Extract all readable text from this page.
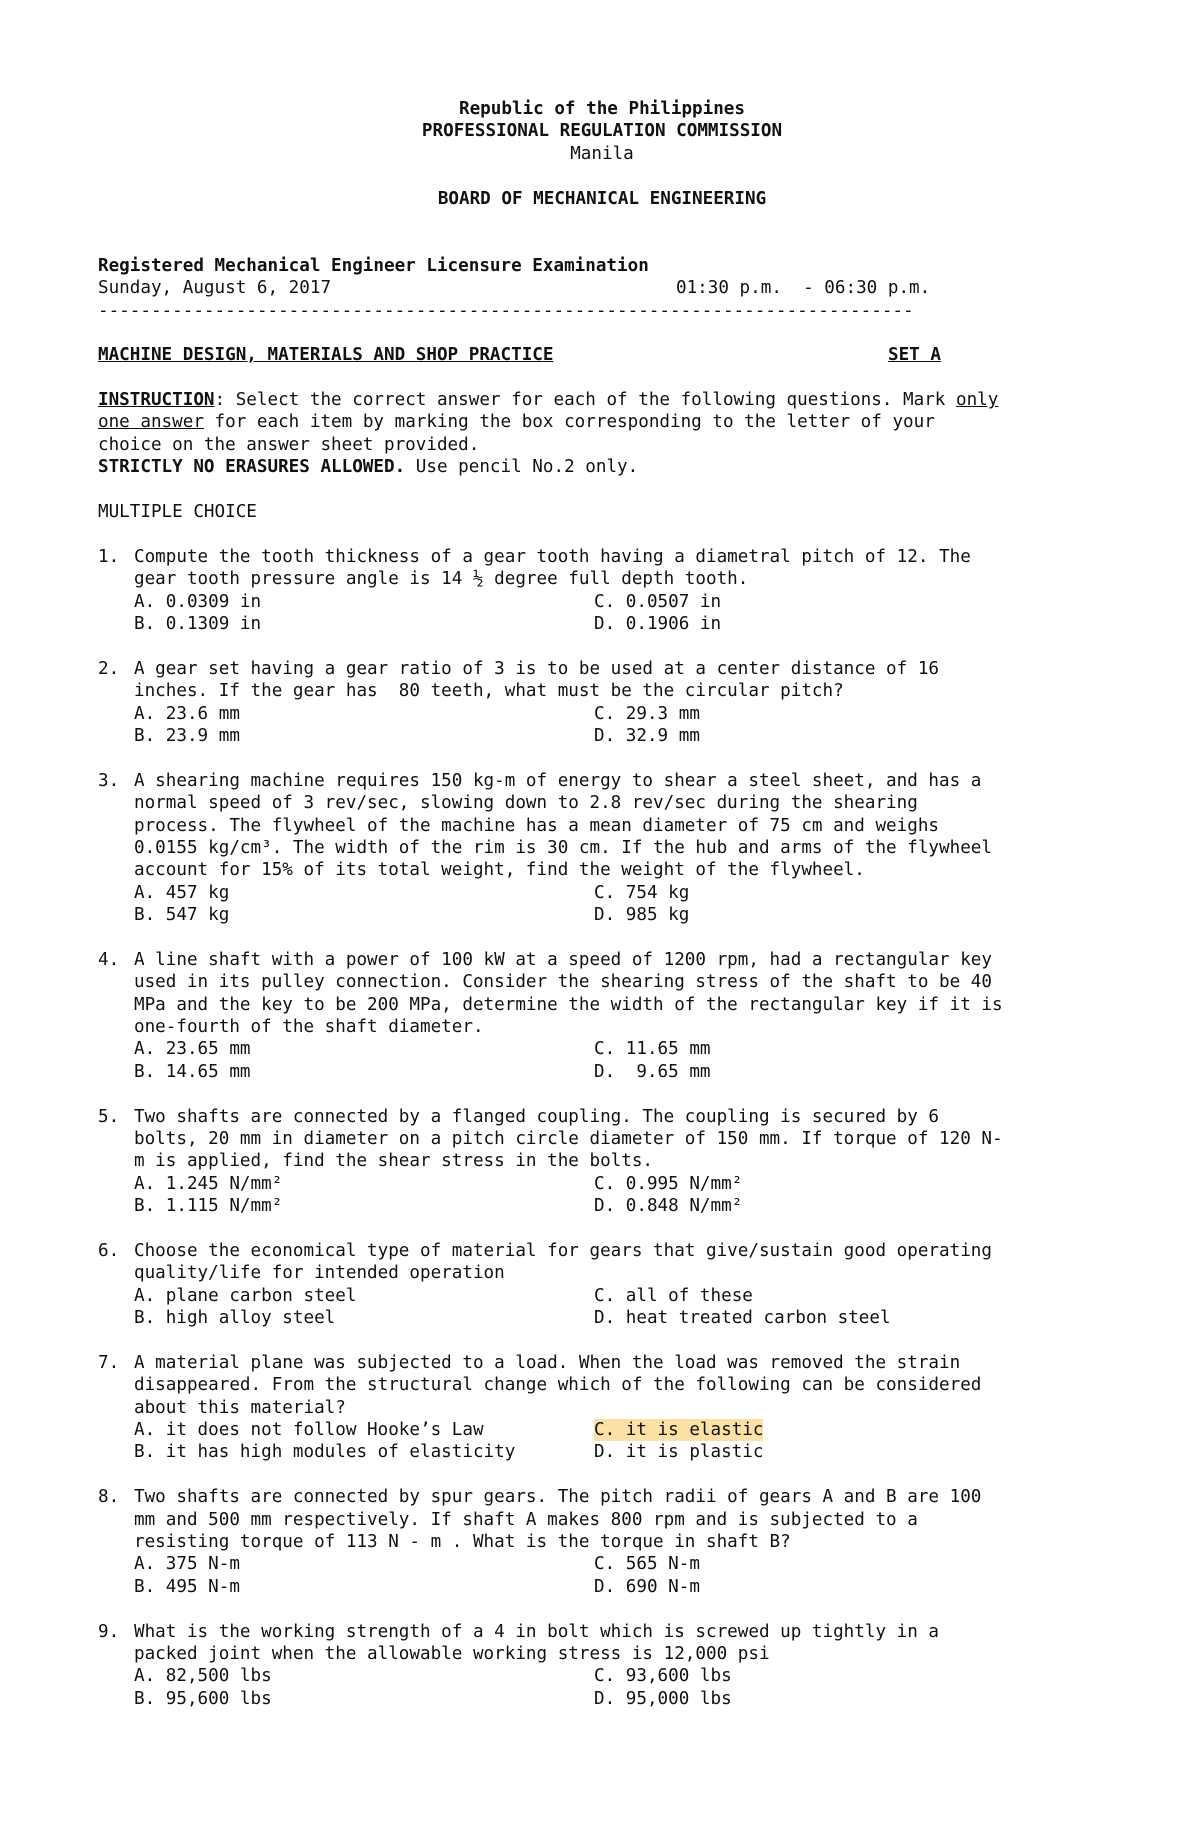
Republic of the Philippines
PROFESSIONAL REGULATION COMMISSION
Manila
BOARD OF MECHANICAL ENGINEERING
Registered Mechanical Engineer Licensure Examination
Sunday, August 6, 2017	01:30 p.m.  - 06:30 p.m.
-----------------------------------------------------------------------------
MACHINE DESIGN, MATERIALS AND SHOP PRACTICE	SET A
INSTRUCTION: Select the correct answer for each of the following questions. Mark only
one answer for each item by marking the box corresponding to the letter of your
choice on the answer sheet provided.
STRICTLY NO ERASURES ALLOWED. Use pencil No.2 only.
MULTIPLE CHOICE
1. Compute the tooth thickness of a gear tooth having a diametral pitch of 12. The
gear tooth pressure angle is 14 ½ degree full depth tooth.
A. 0.0309 in	C. 0.0507 in
B. 0.1309 in	D. 0.1906 in
2. A gear set having a gear ratio of 3 is to be used at a center distance of 16
inches. If the gear has  80 teeth, what must be the circular pitch?
A. 23.6 mm	C. 29.3 mm
B. 23.9 mm	D. 32.9 mm
3. A shearing machine requires 150 kg-m of energy to shear a steel sheet, and has a
normal speed of 3 rev/sec, slowing down to 2.8 rev/sec during the shearing
process. The flywheel of the machine has a mean diameter of 75 cm and weighs
0.0155 kg/cm³. The width of the rim is 30 cm. If the hub and arms of the flywheel
account for 15% of its total weight, find the weight of the flywheel.
A. 457 kg	C. 754 kg
B. 547 kg	D. 985 kg
4. A line shaft with a power of 100 kW at a speed of 1200 rpm, had a rectangular key
used in its pulley connection. Consider the shearing stress of the shaft to be 40
MPa and the key to be 200 MPa, determine the width of the rectangular key if it is
one-fourth of the shaft diameter.
A. 23.65 mm	C. 11.65 mm
B. 14.65 mm	D.  9.65 mm
5. Two shafts are connected by a flanged coupling. The coupling is secured by 6
bolts, 20 mm in diameter on a pitch circle diameter of 150 mm. If torque of 120 N-
m is applied, find the shear stress in the bolts.
A. 1.245 N/mm²	C. 0.995 N/mm²
B. 1.115 N/mm²	D. 0.848 N/mm²
6. Choose the economical type of material for gears that give/sustain good operating
quality/life for intended operation
A. plane carbon steel	C. all of these
B. high alloy steel	D. heat treated carbon steel
7. A material plane was subjected to a load. When the load was removed the strain
disappeared. From the structural change which of the following can be considered
about this material?
A. it does not follow Hooke’s Law	C. it is elastic
B. it has high modules of elasticity	D. it is plastic
8. Two shafts are connected by spur gears. The pitch radii of gears A and B are 100
mm and 500 mm respectively. If shaft A makes 800 rpm and is subjected to a
resisting torque of 113 N - m . What is the torque in shaft B?
A. 375 N-m	C. 565 N-m
B. 495 N-m	D. 690 N-m
9. What is the working strength of a 4 in bolt which is screwed up tightly in a
packed joint when the allowable working stress is 12,000 psi
A. 82,500 lbs	C. 93,600 lbs
B. 95,600 lbs	D. 95,000 lbs
